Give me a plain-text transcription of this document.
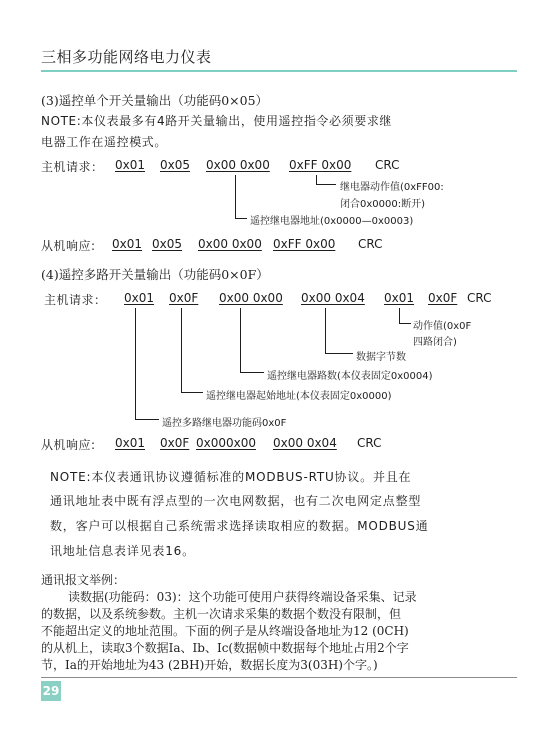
三相多功能网络电力仪表
(3)遥控单个开关量输出（功能码0×05）
NOTE:本仪表最多有4路开关量输出，使用遥控指令必须要求继
电器工作在遥控模式。
主机请求： 0x01 0x05 0x00 0x00 0xFF 0x00 CRC
继电器动作值(0xFF00:
闭合0x0000:断开)
遥控继电器地址(0x0000—0x0003)
从机响应: 0x01 0x05 0x00 0x00 0xFF 0x00 CRC
(4)遥控多路开关量输出（功能码0×0F）
主机请求： 0x01 0x0F 0x00 0x00 0x00 0x04 0x01 0x0F CRC
动作值(0x0F
四路闭合)
数据字节数
遥控继电器路数(本仪表固定0x0004)
遥控继电器起始地址(本仪表固定0x0000)
遥控多路继电器功能码0x0F
从机响应: 0x01 0x0F 0x000x00 0x00 0x04 CRC
NOTE:本仪表通讯协议遵循标准的MODBUS-RTU协议。并且在
通讯地址表中既有浮点型的一次电网数据，也有二次电网定点整型
数，客户可以根据自己系统需求选择读取相应的数据。MODBUS通
讯地址信息表详见表16。
通讯报文举例：
读数据(功能码：03)：这个功能可使用户获得终端设备采集、记录
的数据，以及系统参数。主机一次请求采集的数据个数没有限制，但
不能超出定义的地址范围。下面的例子是从终端设备地址为12 (0CH)
的从机上，读取3个数据Ia、Ib、Ic(数据帧中数据每个地址占用2个字
节，Ia的开始地址为43 (2BH)开始，数据长度为3(03H)个字。)
29
